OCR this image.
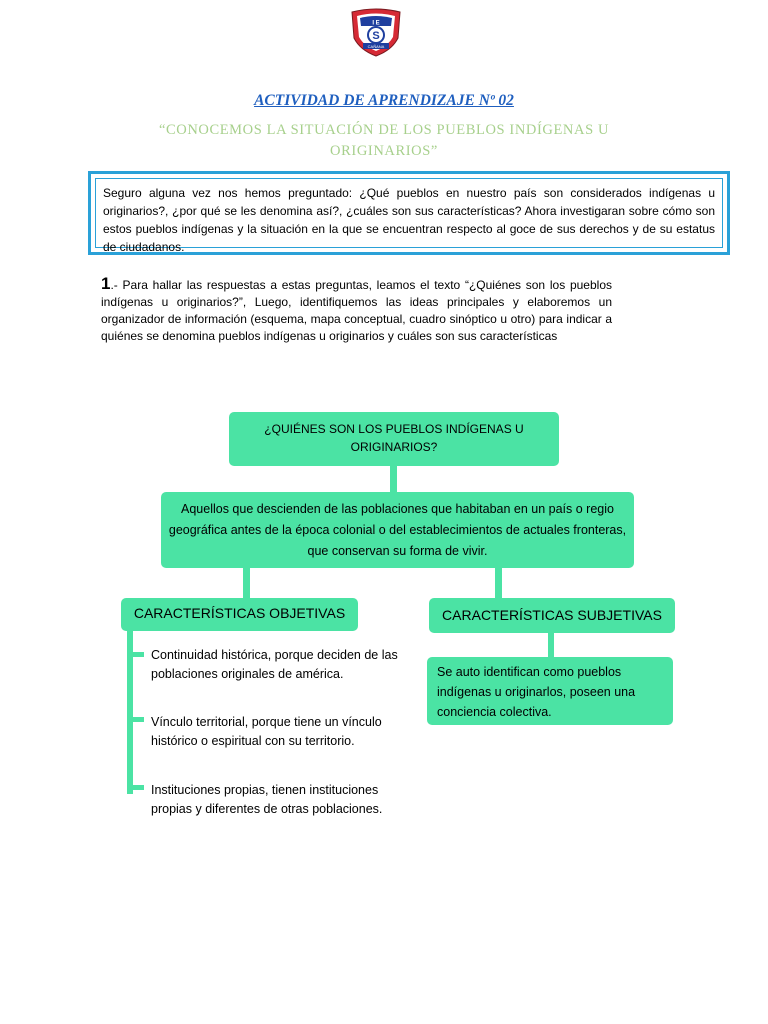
I E
S
CAÑANA
ACTIVIDAD DE APRENDIZAJE Nº 02
“CONOCEMOS LA SITUACIÓN DE LOS PUEBLOS INDÍGENAS U ORIGINARIOS”
Seguro alguna vez nos hemos preguntado: ¿Qué pueblos en nuestro país son considerados indígenas u originarios?, ¿por qué se les denomina así?, ¿cuáles son sus características? Ahora investigaran sobre cómo son estos pueblos indígenas y la situación en la que se encuentran respecto al goce de sus derechos y de su estatus de ciudadanos.
1.- Para hallar las respuestas a estas preguntas, leamos el texto “¿Quiénes son los pueblos indígenas u originarios?”, Luego, identifiquemos las ideas principales y elaboremos un organizador de información (esquema, mapa conceptual, cuadro sinóptico u otro) para indicar a quiénes se denomina pueblos indígenas u originarios y cuáles son sus características
¿QUIÉNES SON LOS PUEBLOS INDÍGENAS U ORIGINARIOS?
Aquellos que descienden de las poblaciones que habitaban en un país o regio geográfica antes de la época colonial o del establecimientos de actuales fronteras, que conservan su forma de vivir.
CARACTERÍSTICAS OBJETIVAS	CARACTERÍSTICAS SUBJETIVAS
Se auto identifican como pueblos indígenas u originarlos, poseen una conciencia colectiva.
Continuidad histórica, porque deciden de las poblaciones originales de américa.
Vínculo territorial, porque tiene un vínculo histórico o espiritual con su territorio.
Instituciones propias, tienen instituciones propias y diferentes de otras poblaciones.
